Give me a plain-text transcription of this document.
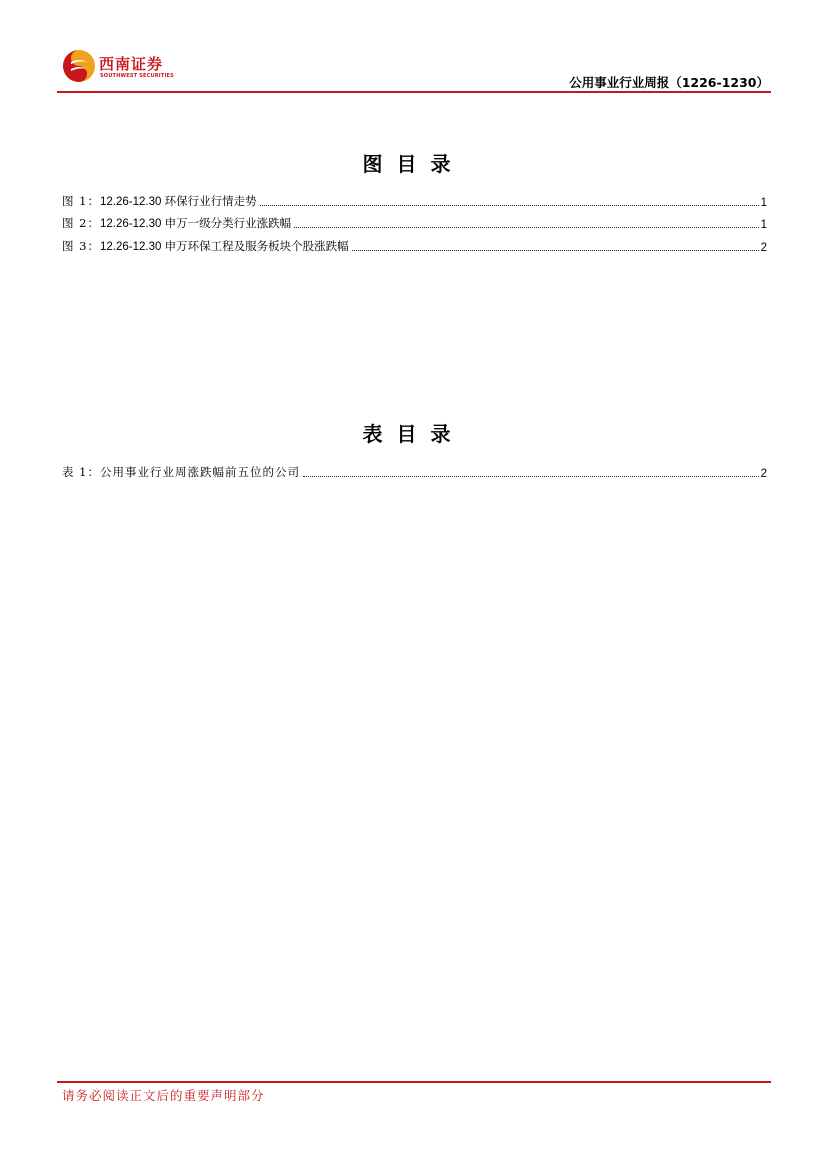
西南证券
SOUTHWEST SECURITIES	公用事业行业周报（1226-1230）
图目录
图 1：12.26-12.30 环保行业行情走势	1
图 2：12.26-12.30 申万一级分类行业涨跌幅	1
图 3：12.26-12.30 申万环保工程及服务板块个股涨跌幅	2
表目录
表 1：公用事业行业周涨跌幅前五位的公司	2
请务必阅读正文后的重要声明部分
